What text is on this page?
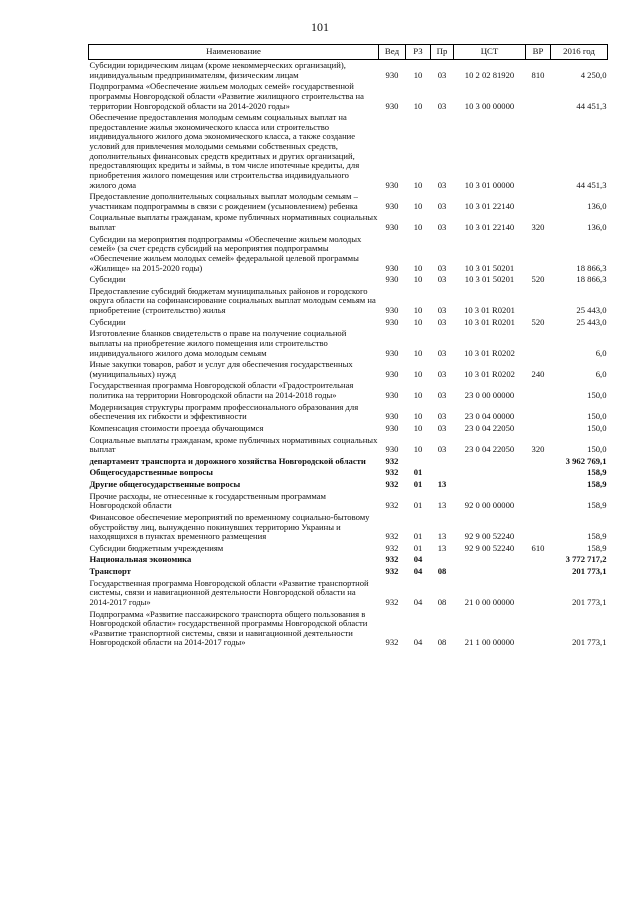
101
Наименование	Вед	РЗ	Пр	ЦСТ	ВР	2016 год
Субсидии юридическим лицам (кроме некоммерческих организаций), индивидуальным предпринимателям, физическим лицам	930	10	03	10 2 02 81920	810	4 250,0
Подпрограмма «Обеспечение жильем молодых семей» государственной программы Новгородской области «Развитие жилищного строительства на территории Новгородской области на 2014-2020 годы»	930	10	03	10 3 00 00000		44 451,3
Обеспечение предоставления молодым семьям социальных выплат на предоставление жилья экономического класса или строительство индивидуального жилого дома экономического класса, а также создание условий для привлечения молодыми семьями собственных средств, дополнительных финансовых средств кредитных и других организаций, предоставляющих кредиты и займы, в том числе ипотечные кредиты, для приобретения жилого помещения или строительства индивидуального жилого дома	930	10	03	10 3 01 00000		44 451,3
Предоставление дополнительных социальных выплат молодым семьям – участникам подпрограммы в связи с рождением (усыновлением) ребенка	930	10	03	10 3 01 22140		136,0
Социальные выплаты гражданам, кроме публичных нормативных социальных выплат	930	10	03	10 3 01 22140	320	136,0
Субсидии на мероприятия подпрограммы «Обеспечение жильем молодых семей» (за счет средств субсидий на мероприятия подпрограммы «Обеспечение жильем молодых семей» федеральной целевой программы «Жилище» на 2015-2020 годы)	930	10	03	10 3 01 50201		18 866,3
Субсидии	930	10	03	10 3 01 50201	520	18 866,3
Предоставление субсидий бюджетам муниципальных районов и городского округа области на софинансирование социальных выплат молодым семьям на приобретение (строительство) жилья	930	10	03	10 3 01 R0201		25 443,0
Субсидии	930	10	03	10 3 01 R0201	520	25 443,0
Изготовление бланков свидетельств о праве на получение социальной выплаты на приобретение жилого помещения или строительство индивидуального жилого дома молодым семьям	930	10	03	10 3 01 R0202		6,0
Иные закупки товаров, работ и услуг для обеспечения государственных (муниципальных) нужд	930	10	03	10 3 01 R0202	240	6,0
Государственная программа Новгородской области «Градостроительная политика на территории Новгородской области на 2014-2018 годы»	930	10	03	23 0 00 00000		150,0
Модернизация структуры программ профессионального образования для обеспечения их гибкости и эффективности	930	10	03	23 0 04 00000		150,0
Компенсация стоимости проезда обучающимся	930	10	03	23 0 04 22050		150,0
Социальные выплаты гражданам, кроме публичных нормативных социальных выплат	930	10	03	23 0 04 22050	320	150,0
департамент транспорта и дорожного хозяйства Новгородской области	932					3 962 769,1
Общегосударственные вопросы	932	01				158,9
Другие общегосударственные вопросы	932	01	13			158,9
Прочие расходы, не отнесенные к государственным программам Новгородской области	932	01	13	92 0 00 00000		158,9
Финансовое обеспечение мероприятий по временному социально-бытовому обустройству лиц, вынужденно покинувших территорию Украины и находящихся в пунктах временного размещения	932	01	13	92 9 00 52240		158,9
Субсидии бюджетным учреждениям	932	01	13	92 9 00 52240	610	158,9
Национальная экономика	932	04				3 772 717,2
Транспорт	932	04	08			201 773,1
Государственная программа Новгородской области «Развитие транспортной системы, связи и навигационной деятельности Новгородской области на 2014-2017 годы»	932	04	08	21 0 00 00000		201 773,1
Подпрограмма «Развитие пассажирского транспорта общего пользования в Новгородской области» государственной программы Новгородской области «Развитие транспортной системы, связи и навигационной деятельности Новгородской области на 2014-2017 годы»	932	04	08	21 1 00 00000		201 773,1
